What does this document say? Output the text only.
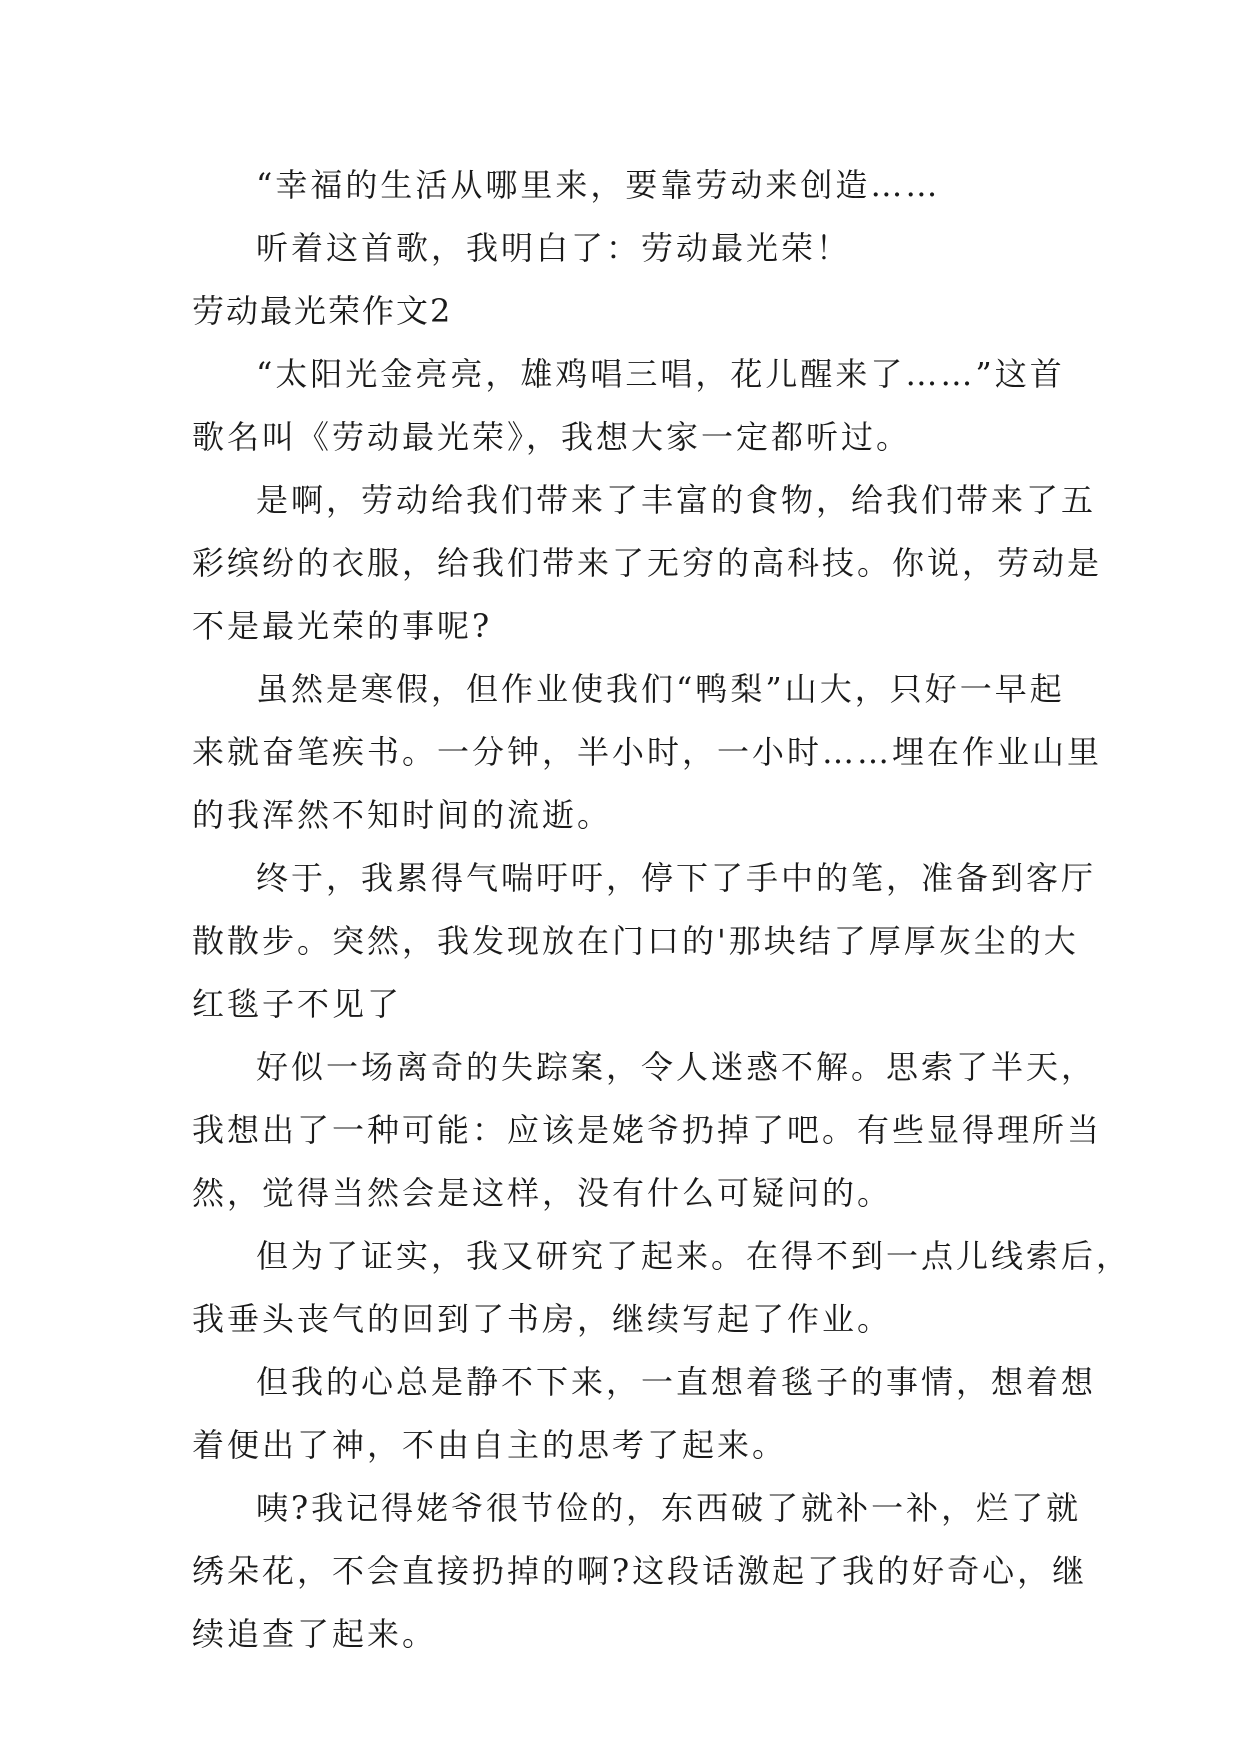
“幸福的生活从哪里来，要靠劳动来创造……
听着这首歌，我明白了：劳动最光荣！
劳动最光荣作文2
“太阳光金亮亮，雄鸡唱三唱，花儿醒来了……”这首
歌名叫《劳动最光荣》，我想大家一定都听过。
是啊，劳动给我们带来了丰富的食物，给我们带来了五
彩缤纷的衣服，给我们带来了无穷的高科技。你说，劳动是
不是最光荣的事呢?
虽然是寒假，但作业使我们“鸭梨”山大，只好一早起
来就奋笔疾书。一分钟，半小时，一小时……埋在作业山里
的我浑然不知时间的流逝。
终于，我累得气喘吁吁，停下了手中的笔，准备到客厅
散散步。突然，我发现放在门口的'那块结了厚厚灰尘的大
红毯子不见了
好似一场离奇的失踪案，令人迷惑不解。思索了半天，
我想出了一种可能：应该是姥爷扔掉了吧。有些显得理所当
然，觉得当然会是这样，没有什么可疑问的。
但为了证实，我又研究了起来。在得不到一点儿线索后，
我垂头丧气的回到了书房，继续写起了作业。
但我的心总是静不下来，一直想着毯子的事情，想着想
着便出了神，不由自主的思考了起来。
咦?我记得姥爷很节俭的，东西破了就补一补，烂了就
绣朵花，不会直接扔掉的啊?这段话激起了我的好奇心，继
续追查了起来。
